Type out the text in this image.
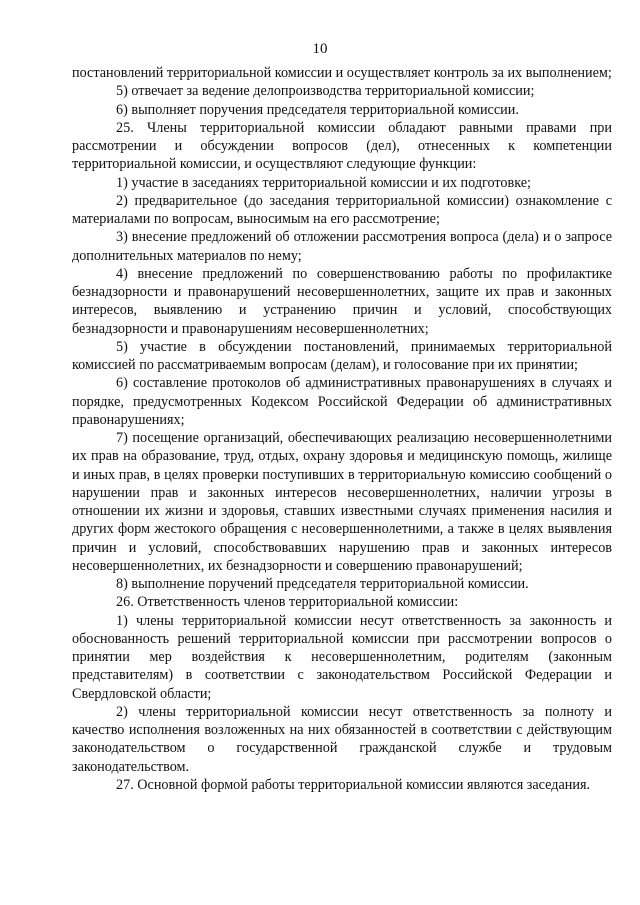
10

постановлений территориальной комиссии и осуществляет контроль за их выполнением;

5) отвечает за ведение делопроизводства территориальной комиссии;

6) выполняет поручения председателя территориальной комиссии.

25. Члены территориальной комиссии обладают равными правами при рассмотрении и обсуждении вопросов (дел), отнесенных к компетенции территориальной комиссии, и осуществляют следующие функции:

1) участие в заседаниях территориальной комиссии и их подготовке;

2) предварительное (до заседания территориальной комиссии) ознакомление с материалами по вопросам, выносимым на его рассмотрение;

3) внесение предложений об отложении рассмотрения вопроса (дела) и о запросе дополнительных материалов по нему;

4) внесение предложений по совершенствованию работы по профилактике безнадзорности и правонарушений несовершеннолетних, защите их прав и законных интересов, выявлению и устранению причин и условий, способствующих безнадзорности и правонарушениям несовершеннолетних;

5) участие в обсуждении постановлений, принимаемых территориальной комиссией по рассматриваемым вопросам (делам), и голосование при их принятии;

6) составление протоколов об административных правонарушениях в случаях и порядке, предусмотренных Кодексом Российской Федерации об административных правонарушениях;

7) посещение организаций, обеспечивающих реализацию несовершеннолетними их прав на образование, труд, отдых, охрану здоровья и медицинскую помощь, жилище и иных прав, в целях проверки поступивших в территориальную комиссию сообщений о нарушении прав и законных интересов несовершеннолетних, наличии угрозы в отношении их жизни и здоровья, ставших известными случаях применения насилия и других форм жестокого обращения с несовершеннолетними, а также в целях выявления причин и условий, способствовавших нарушению прав и законных интересов несовершеннолетних, их безнадзорности и совершению правонарушений;

8) выполнение поручений председателя территориальной комиссии.

26. Ответственность членов территориальной комиссии:

1) члены территориальной комиссии несут ответственность за законность и обоснованность решений территориальной комиссии при рассмотрении вопросов о принятии мер воздействия к несовершеннолетним, родителям (законным представителям) в соответствии с законодательством Российской Федерации и Свердловской области;

2) члены территориальной комиссии несут ответственность за полноту и качество исполнения возложенных на них обязанностей в соответствии с действующим законодательством о государственной гражданской службе и трудовым законодательством.

27. Основной формой работы территориальной комиссии являются заседания.
